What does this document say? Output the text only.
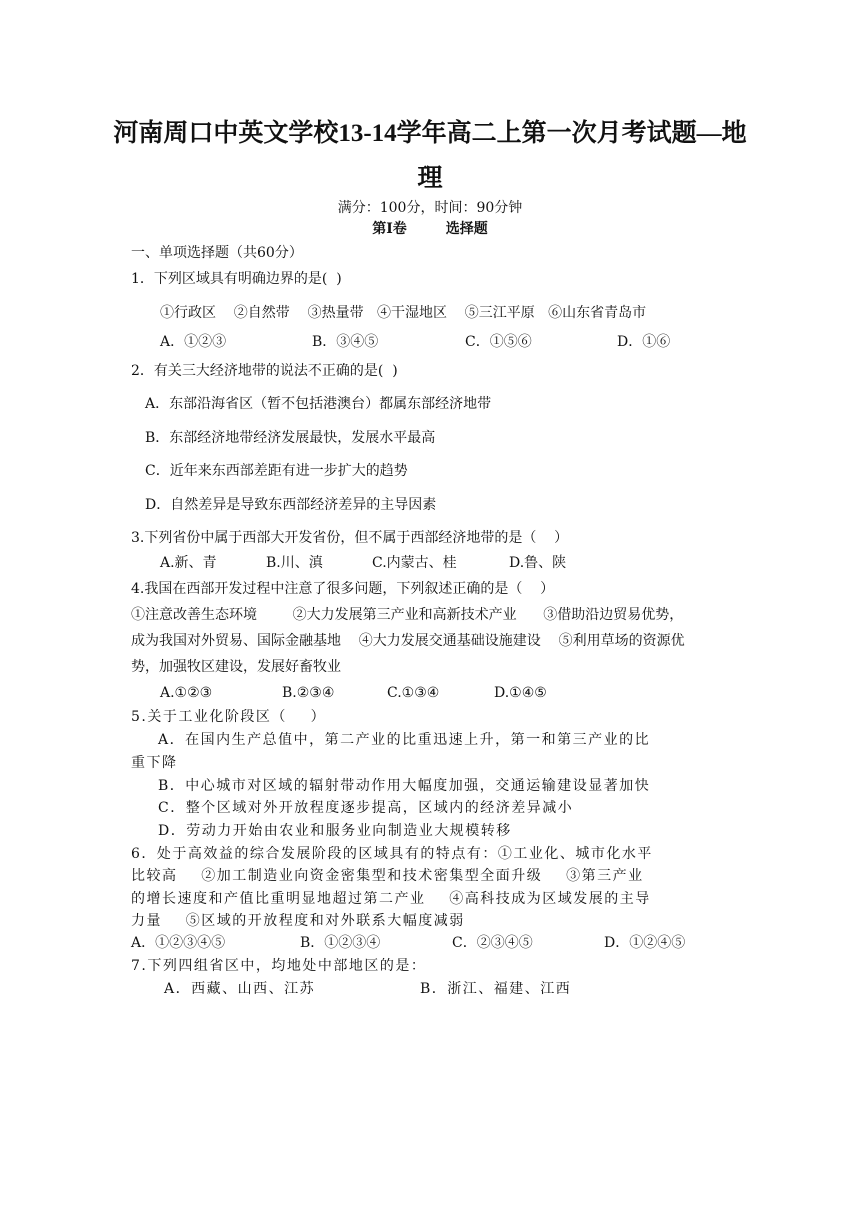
河南周口中英文学校13-14学年高二上第一次月考试题—地
理
满分：100分，时间：90分钟
第Ⅰ卷        选择题
一、单项选择题（共60分）
1．下列区域具有明确边界的是(  )
①行政区    ②自然带    ③热量带   ④干湿地区    ⑤三江平原   ⑥山东省青岛市
A．①②③	B．③④⑤	C．①⑤⑥	D．①⑥
2．有关三大经济地带的说法不正确的是(  )
A．东部沿海省区（暂不包括港澳台）都属东部经济地带
B．东部经济地带经济发展最快，发展水平最高
C．近年来东西部差距有进一步扩大的趋势
D．自然差异是导致东西部经济差异的主导因素
3.下列省份中属于西部大开发省份，但不属于西部经济地带的是（    ）
A.新、青	B.川、滇	C.内蒙古、桂	D.鲁、陕
4.我国在西部开发过程中注意了很多问题，下列叙述正确的是（    ）
①注意改善生态环境        ②大力发展第三产业和高新技术产业      ③借助沿边贸易优势，
成为我国对外贸易、国际金融基地    ④大力发展交通基础设施建设    ⑤利用草场的资源优
势，加强牧区建设，发展好畜牧业
A.①②③	B.②③④	C.①③④	D.①④⑤
5.关于工业化阶段区（    ）
A．在国内生产总值中，第二产业的比重迅速上升，第一和第三产业的比
重下降
B．中心城市对区域的辐射带动作用大幅度加强，交通运输建设显著加快
C．整个区域对外开放程度逐步提高，区域内的经济差异减小
D．劳动力开始由农业和服务业向制造业大规模转移
6．处于高效益的综合发展阶段的区域具有的特点有：①工业化、城市化水平
比较高    ②加工制造业向资金密集型和技术密集型全面升级    ③第三产业
的增长速度和产值比重明显地超过第二产业    ④高科技成为区域发展的主导
力量    ⑤区域的开放程度和对外联系大幅度减弱
A．①②③④⑤	B．①②③④	C．②③④⑤	D．①②④⑤
7.下列四组省区中，均地处中部地区的是：
A．西藏、山西、江苏	B．浙江、福建、江西
